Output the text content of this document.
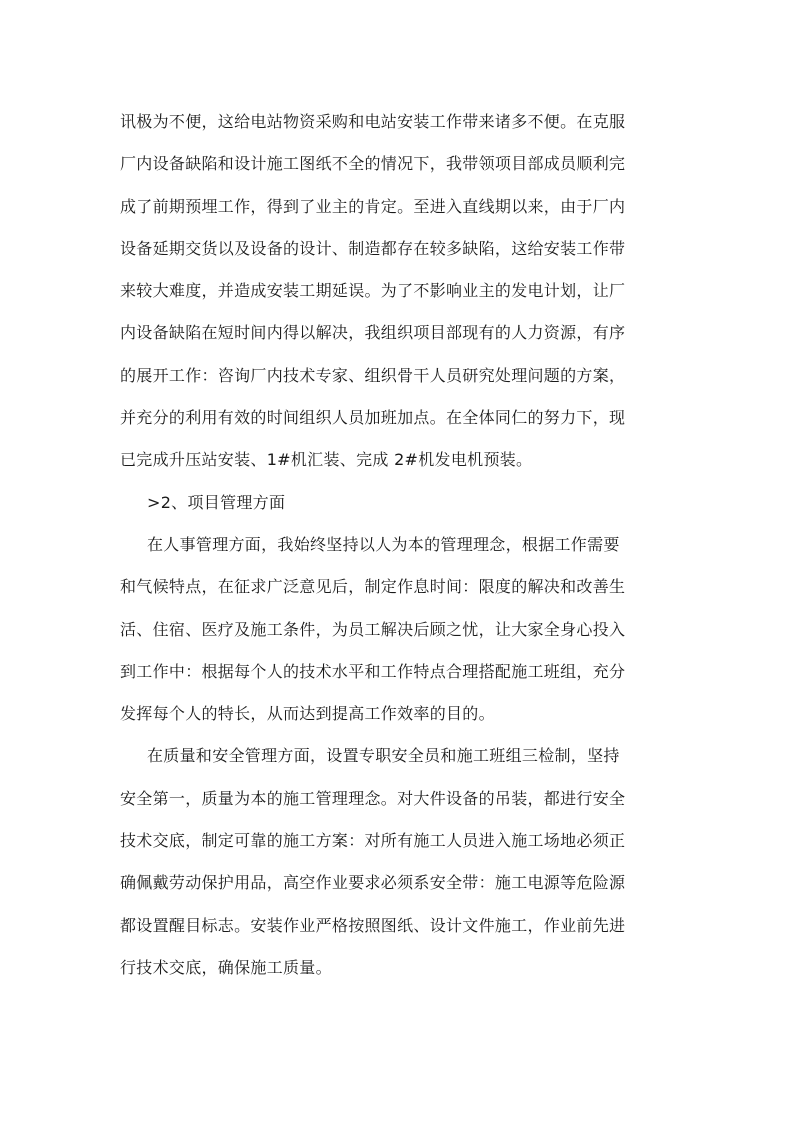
讯极为不便，这给电站物资采购和电站安装工作带来诸多不便。在克服
厂内设备缺陷和设计施工图纸不全的情况下，我带领项目部成员顺利完
成了前期预埋工作，得到了业主的肯定。至进入直线期以来，由于厂内
设备延期交货以及设备的设计、制造都存在较多缺陷，这给安装工作带
来较大难度，并造成安装工期延误。为了不影响业主的发电计划，让厂
内设备缺陷在短时间内得以解决，我组织项目部现有的人力资源，有序
的展开工作：咨询厂内技术专家、组织骨干人员研究处理问题的方案，
并充分的利用有效的时间组织人员加班加点。在全体同仁的努力下，现
已完成升压站安装、1#机汇装、完成 2#机发电机预装。
>2、项目管理方面
在人事管理方面，我始终坚持以人为本的管理理念，根据工作需要
和气候特点，在征求广泛意见后，制定作息时间：限度的解决和改善生
活、住宿、医疗及施工条件，为员工解决后顾之忧，让大家全身心投入
到工作中：根据每个人的技术水平和工作特点合理搭配施工班组，充分
发挥每个人的特长，从而达到提高工作效率的目的。
在质量和安全管理方面，设置专职安全员和施工班组三检制，坚持
安全第一，质量为本的施工管理理念。对大件设备的吊装，都进行安全
技术交底，制定可靠的施工方案：对所有施工人员进入施工场地必须正
确佩戴劳动保护用品，高空作业要求必须系安全带：施工电源等危险源
都设置醒目标志。安装作业严格按照图纸、设计文件施工，作业前先进
行技术交底，确保施工质量。
